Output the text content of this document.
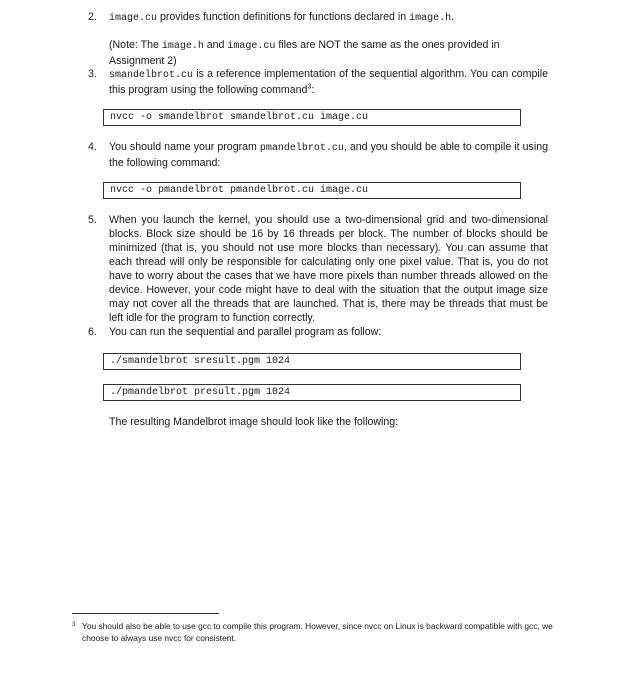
2.	image.cu provides function definitions for functions declared in image.h.
(Note: The image.h and image.cu files are NOT the same as the ones provided in Assignment 2)
3.	smandelbrot.cu is a reference implementation of the sequential algorithm. You can compile this program using the following command$^3$:
nvcc -o smandelbrot smandelbrot.cu image.cu
4.	You should name your program pmandelbrot.cu, and you should be able to compile it using the following command:
nvcc -o pmandelbrot pmandelbrot.cu image.cu
5.	When you launch the kernel, you should use a two-dimensional grid and two-dimensional blocks. Block size should be 16 by 16 threads per block. The number of blocks should be minimized (that is, you should not use more blocks than necessary). You can assume that each thread will only be responsible for calculating only one pixel value. That is, you do not have to worry about the cases that we have more pixels than number threads allowed on the device. However, your code might have to deal with the situation that the output image size may not cover all the threads that are launched. That is, there may be threads that must be left idle for the program to function correctly.
6.	You can run the sequential and parallel program as follow:
./smandelbrot sresult.pgm 1024
./pmandelbrot presult.pgm 1024
The resulting Mandelbrot image should look like the following:
3 You should also be able to use gcc to compile this program. However, since nvcc on Linux is backward compatible with gcc, we choose to always use nvcc for consistent.
